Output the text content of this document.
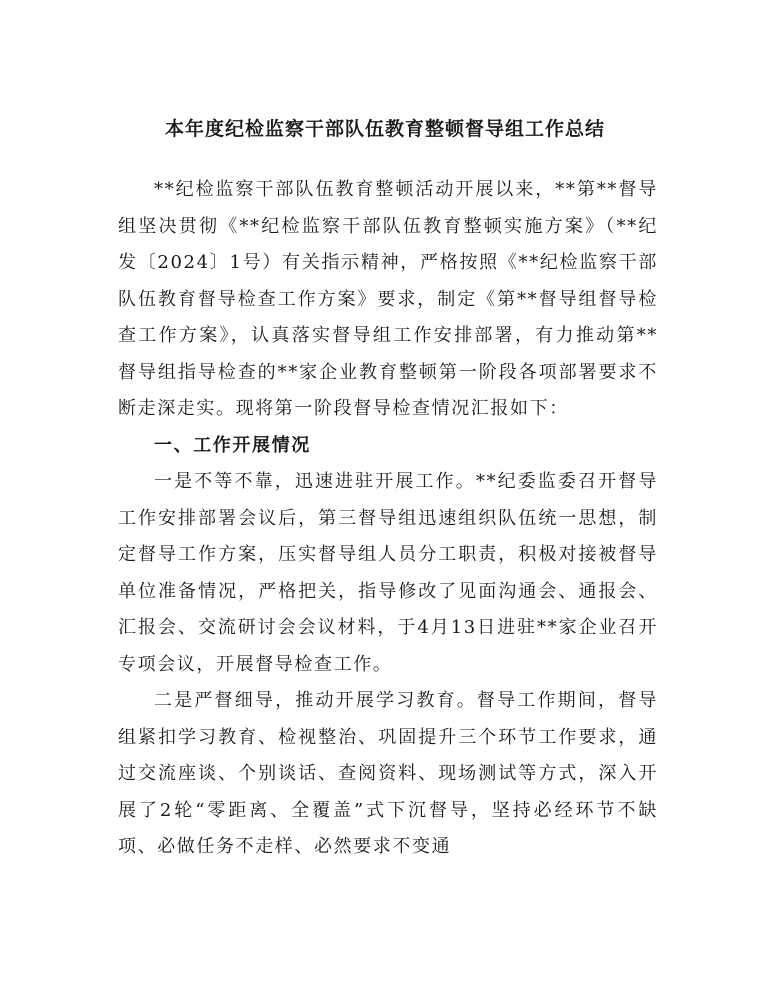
本年度纪检监察干部队伍教育整顿督导组工作总结

**纪检监察干部队伍教育整顿活动开展以来，**第**督导组坚决贯彻《**纪检监察干部队伍教育整顿实施方案》（**纪发〔2024〕1号）有关指示精神，严格按照《**纪检监察干部队伍教育督导检查工作方案》要求，制定《第**督导组督导检查工作方案》，认真落实督导组工作安排部署，有力推动第**督导组指导检查的**家企业教育整顿第一阶段各项部署要求不断走深走实。现将第一阶段督导检查情况汇报如下：

一、工作开展情况

一是不等不靠，迅速进驻开展工作。**纪委监委召开督导工作安排部署会议后，第三督导组迅速组织队伍统一思想，制定督导工作方案，压实督导组人员分工职责，积极对接被督导单位准备情况，严格把关，指导修改了见面沟通会、通报会、汇报会、交流研讨会会议材料，于4月13日进驻**家企业召开专项会议，开展督导检查工作。

二是严督细导，推动开展学习教育。督导工作期间，督导组紧扣学习教育、检视整治、巩固提升三个环节工作要求，通过交流座谈、个别谈话、查阅资料、现场测试等方式，深入开展了2轮“零距离、全覆盖”式下沉督导，坚持必经环节不缺项、必做任务不走样、必然要求不变通
